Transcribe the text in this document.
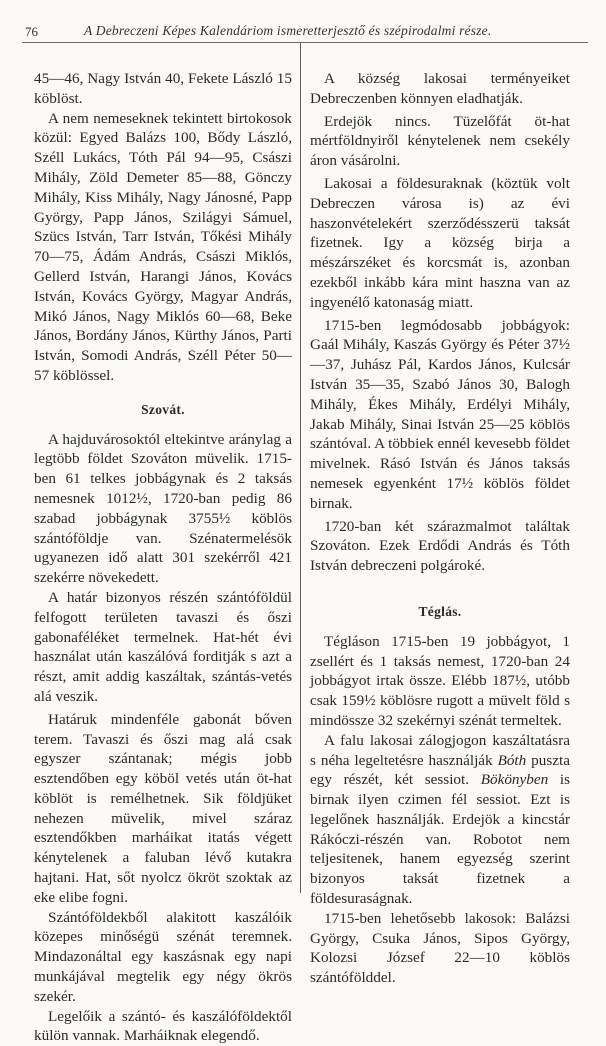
76	A Debreczeni Képes Kalendáriom ismeretterjesztő és szépirodalmi része.

45—46, Nagy István 40, Fekete László 15 köblöst.

A nem nemeseknek tekintett birtokosok közül: Egyed Balázs 100, Bődy László, Széll Lukács, Tóth Pál 94—95, Császi Mihály, Zöld Demeter 85—88, Gönczy Mihály, Kiss Mihály, Nagy Jánosné, Papp György, Papp János, Szilágyi Sámuel, Szücs István, Tarr István, Tőkési Mihály 70—75, Ádám András, Császi Miklós, Gellerd István, Harangi János, Kovács István, Kovács György, Magyar András, Mikó János, Nagy Miklós 60—68, Beke János, Bordány János, Kürthy János, Parti István, Somodi András, Széll Péter 50—57 köblössel.

Szovát.

A hajduvárosoktól eltekintve aránylag a legtöbb földet Szováton müvelik. 1715-ben 61 telkes jobbágynak és 2 taksás nemesnek 1012½, 1720-ban pedig 86 szabad jobbágynak 3755½ köblös szántóföldje van. Szénatermelésök ugyanezen idő alatt 301 szekérről 421 szekérre növekedett.

A határ bizonyos részén szántóföldül felfogott területen tavaszi és őszi gabonaféléket termelnek. Hat-hét évi használat után kaszálóvá forditják s azt a részt, amit addig kaszáltak, szántás-vetés alá veszik.

Határuk mindenféle gabonát bőven terem. Tavaszi és őszi mag alá csak egyszer szántanak; mégis jobb esztendőben egy köböl vetés után öt-hat köblöt is remélhetnek. Sik földjüket nehezen müvelik, mivel száraz esztendőkben marháikat itatás végett kénytelenek a faluban lévő kutakra hajtani. Hat, sőt nyolcz ökröt szoktak az eke elibe fogni.

Szántóföldekből alakitott kaszálóik közepes minőségü szénát teremnek. Mindazonáltal egy kaszásnak egy napi munkájával megtelik egy négy ökrös szekér.

Legelőik a szántó- és kaszálóföldektől külön vannak. Marháiknak elegendő.

A község lakosai terményeiket Debreczenben könnyen eladhatják.

Erdejök nincs. Tüzelőfát öt-hat mértföldnyiről kénytelenek nem csekély áron vásárolni.

Lakosai a földesuraknak (köztük volt Debreczen városa is) az évi haszonvételekért szerződésszerü taksát fizetnek. Igy a község birja a mészárszéket és korcsmát is, azonban ezekből inkább kára mint haszna van az ingyenélő katonaság miatt.

1715-ben legmódosabb jobbágyok: Gaál Mihály, Kaszás György és Péter 37½—37, Juhász Pál, Kardos János, Kulcsár István 35—35, Szabó János 30, Balogh Mihály, Ékes Mihály, Erdélyi Mihály, Jakab Mihály, Sinai István 25—25 köblös szántóval. A többiek ennél kevesebb földet mivelnek. Rásó István és János taksás nemesek egyenként 17½ köblös földet birnak.

1720-ban két szárazmalmot találtak Szováton. Ezek Erdődi András és Tóth István debreczeni polgároké.

Téglás.

Tégláson 1715-ben 19 jobbágyot, 1 zsellért és 1 taksás nemest, 1720-ban 24 jobbágyot irtak össze. Elébb 187½, utóbb csak 159½ köblösre rugott a müvelt föld s mindössze 32 szekérnyi szénát termeltek.

A falu lakosai zálogjogon kaszáltatásra s néha legeltetésre használják Bóth puszta egy részét, két sessiot. Bökönyben is birnak ilyen czimen fél sessiot. Ezt is legelőnek használják. Erdejök a kincstár Rákóczi-részén van. Robotot nem teljesitenek, hanem egyezség szerint bizonyos taksát fizetnek a földesuraságnak.

1715-ben lehetősebb lakosok: Balázsi György, Csuka János, Sipos György, Kolozsi József 22—10 köblös szántófölddel.
